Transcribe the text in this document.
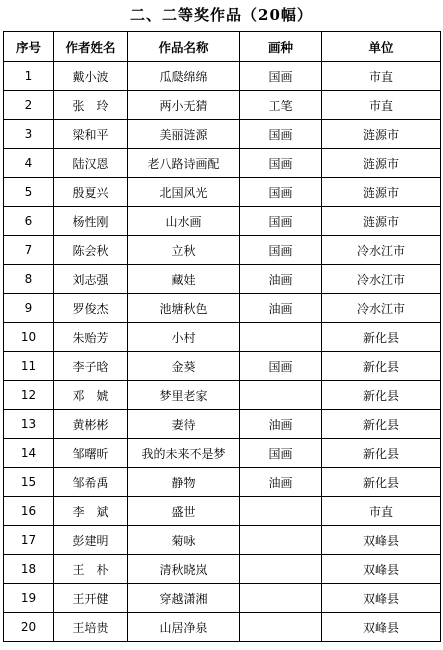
二、二等奖作品（20幅）
序号	作者姓名	作品名称	画种	单位
1	戴小波	瓜瓞绵绵	国画	市直
2	张　玲	两小无猜	工笔	市直
3	梁和平	美丽涟源	国画	涟源市
4	陆汉恩	老八路诗画配	国画	涟源市
5	殷夏兴	北国风光	国画	涟源市
6	杨性刚	山水画	国画	涟源市
7	陈会秋	立秋	国画	冷水江市
8	刘志强	藏娃	油画	冷水江市
9	罗俊杰	池塘秋色	油画	冷水江市
10	朱贻芳	小村		新化县
11	李子晗	金葵	国画	新化县
12	邓　婋	梦里老家		新化县
13	黄彬彬	妻待	油画	新化县
14	邹曙昕	我的未来不是梦	国画	新化县
15	邹希禹	静物	油画	新化县
16	李　斌	盛世		市直
17	彭建明	菊咏		双峰县
18	王　朴	清秋晓岚		双峰县
19	王开健	穿越潇湘		双峰县
20	王培贵	山居净泉		双峰县
